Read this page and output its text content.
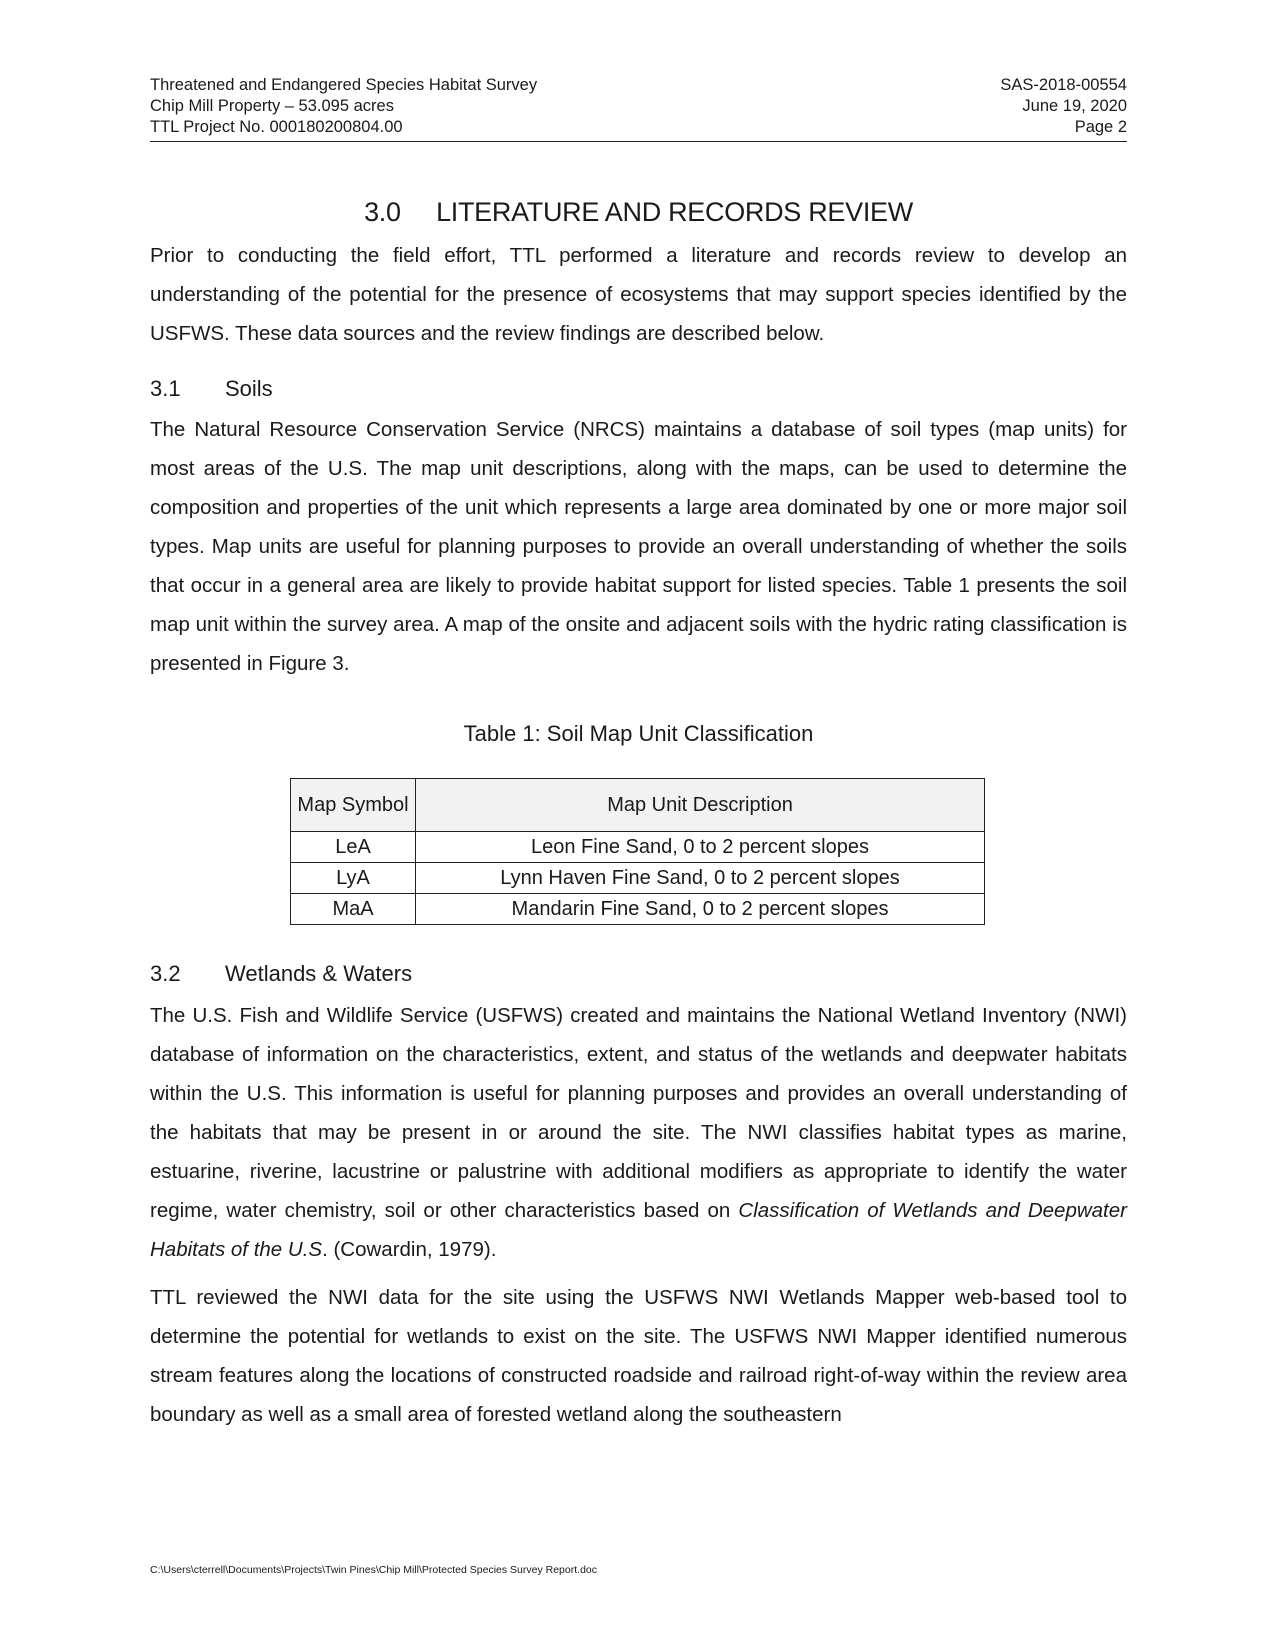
Threatened and Endangered Species Habitat Survey
Chip Mill Property – 53.095 acres
TTL Project No. 000180200804.00
SAS-2018-00554
June 19, 2020
Page 2
3.0 LITERATURE AND RECORDS REVIEW

Prior to conducting the field effort, TTL performed a literature and records review to develop an understanding of the potential for the presence of ecosystems that may support species identified by the USFWS. These data sources and the review findings are described below.

3.1 Soils

The Natural Resource Conservation Service (NRCS) maintains a database of soil types (map units) for most areas of the U.S. The map unit descriptions, along with the maps, can be used to determine the composition and properties of the unit which represents a large area dominated by one or more major soil types. Map units are useful for planning purposes to provide an overall understanding of whether the soils that occur in a general area are likely to provide habitat support for listed species. Table 1 presents the soil map unit within the survey area. A map of the onsite and adjacent soils with the hydric rating classification is presented in Figure 3.

Table 1: Soil Map Unit Classification
Map Symbol	Map Unit Description
LeA	Leon Fine Sand, 0 to 2 percent slopes
LyA	Lynn Haven Fine Sand, 0 to 2 percent slopes
MaA	Mandarin Fine Sand, 0 to 2 percent slopes
3.2 Wetlands & Waters

The U.S. Fish and Wildlife Service (USFWS) created and maintains the National Wetland Inventory (NWI) database of information on the characteristics, extent, and status of the wetlands and deepwater habitats within the U.S. This information is useful for planning purposes and provides an overall understanding of the habitats that may be present in or around the site. The NWI classifies habitat types as marine, estuarine, riverine, lacustrine or palustrine with additional modifiers as appropriate to identify the water regime, water chemistry, soil or other characteristics based on Classification of Wetlands and Deepwater Habitats of the U.S. (Cowardin, 1979).

TTL reviewed the NWI data for the site using the USFWS NWI Wetlands Mapper web-based tool to determine the potential for wetlands to exist on the site. The USFWS NWI Mapper identified numerous stream features along the locations of constructed roadside and railroad right-of-way within the review area boundary as well as a small area of forested wetland along the southeastern

C:\Users\cterrell\Documents\Projects\Twin Pines\Chip Mill\Protected Species Survey Report.doc
